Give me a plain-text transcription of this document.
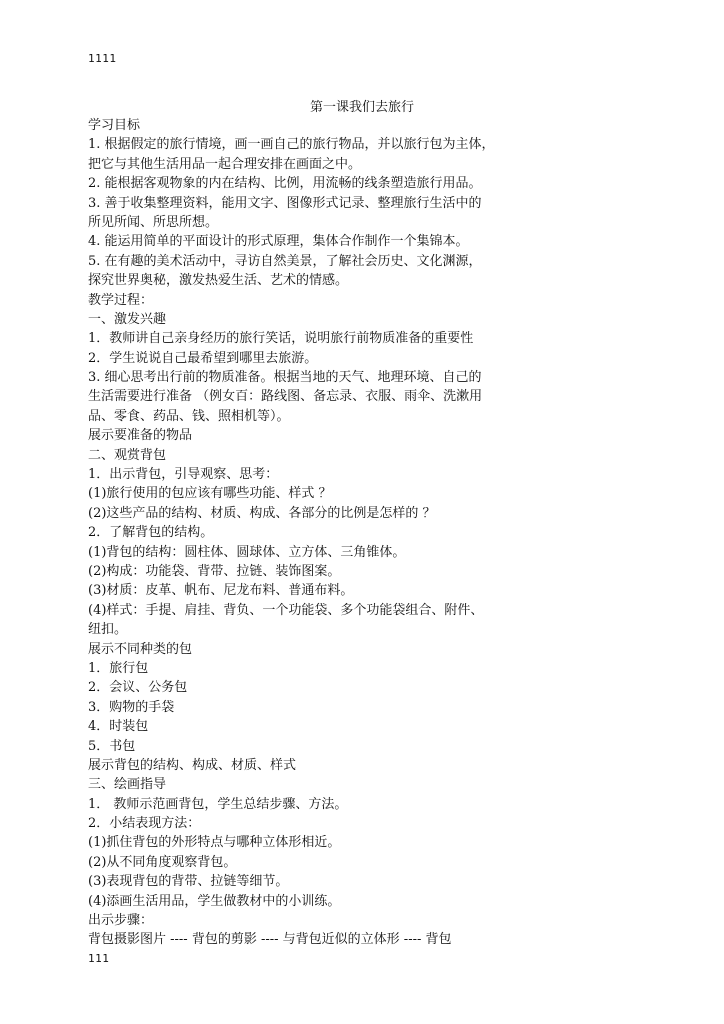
1111
第一课我们去旅行
学习目标
1. 根据假定的旅行情境，画一画自己的旅行物品，并以旅行包为主体，
把它与其他生活用品一起合理安排在画面之中。
2. 能根据客观物象的内在结构、比例，用流畅的线条塑造旅行用品。
3. 善于收集整理资料，能用文字、图像形式记录、整理旅行生活中的
所见所闻、所思所想。
4. 能运用简单的平面设计的形式原理，集体合作制作一个集锦本。
5. 在有趣的美术活动中，寻访自然美景，了解社会历史、文化渊源，
探究世界奥秘，激发热爱生活、艺术的情感。
教学过程：
一、激发兴趣
1．教师讲自己亲身经历的旅行笑话，说明旅行前物质准备的重要性
2．学生说说自己最希望到哪里去旅游。
3. 细心思考出行前的物质准备。根据当地的天气、地理环境、自己的
生活需要进行准备 （例女百：路线图、备忘录、衣服、雨伞、洗漱用
品、零食、药品、钱、照相机等）。
展示要准备的物品
二、观赏背包
1．出示背包，引导观察、思考：
(1)旅行使用的包应该有哪些功能、样式 ？
(2)这些产品的结构、材质、构成、各部分的比例是怎样的 ？
2．了解背包的结构。
(1)背包的结构：圆柱体、圆球体、立方体、三角锥体。
(2)构成：功能袋、背带、拉链、装饰图案。
(3)材质：皮革、帆布、尼龙布料、普通布料。
(4)样式：手提、肩挂、背负、一个功能袋、多个功能袋组合、附件、
纽扣。
展示不同种类的包
1．旅行包
2．会议、公务包
3．购物的手袋
4．时装包
5．书包
展示背包的结构、构成、材质、样式
三、绘画指导
1． 教师示范画背包，学生总结步骤、方法。
2．小结表现方法：
(1)抓住背包的外形特点与哪种立体形相近。
(2)从不同角度观察背包。
(3)表现背包的背带、拉链等细节。
(4)添画生活用品，学生做教材中的小训练。
出示步骤：
背包摄影图片 ---- 背包的剪影 ---- 与背包近似的立体形 ---- 背包
111
